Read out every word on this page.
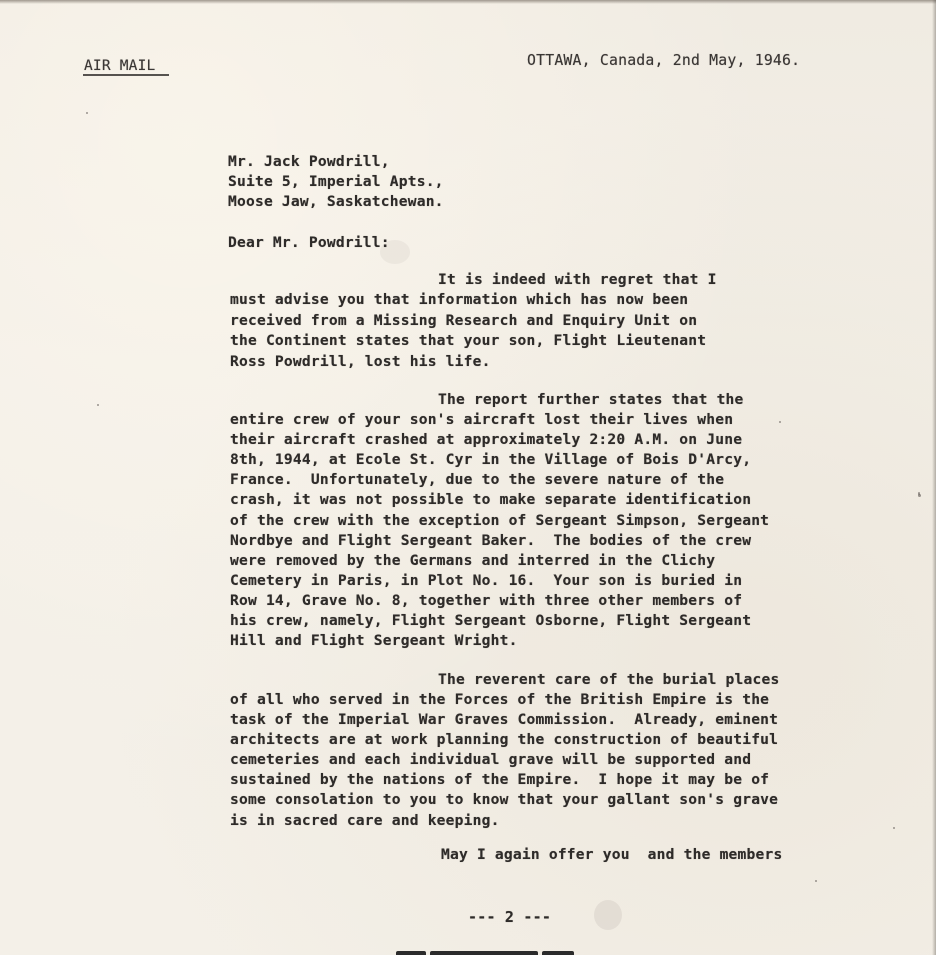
AIR MAIL	OTTAWA, Canada, 2nd May, 1946.
Mr. Jack Powdrill,
Suite 5, Imperial Apts.,
Moose Jaw, Saskatchewan.
Dear Mr. Powdrill:
It is indeed with regret that I
must advise you that information which has now been
received from a Missing Research and Enquiry Unit on
the Continent states that your son, Flight Lieutenant
Ross Powdrill, lost his life.
The report further states that the
entire crew of your son's aircraft lost their lives when
their aircraft crashed at approximately 2:20 A.M. on June
8th, 1944, at Ecole St. Cyr in the Village of Bois D'Arcy,
France.  Unfortunately, due to the severe nature of the
crash, it was not possible to make separate identification
of the crew with the exception of Sergeant Simpson, Sergeant
Nordbye and Flight Sergeant Baker.  The bodies of the crew
were removed by the Germans and interred in the Clichy
Cemetery in Paris, in Plot No. 16.  Your son is buried in
Row 14, Grave No. 8, together with three other members of
his crew, namely, Flight Sergeant Osborne, Flight Sergeant
Hill and Flight Sergeant Wright.
The reverent care of the burial places
of all who served in the Forces of the British Empire is the
task of the Imperial War Graves Commission.  Already, eminent
architects are at work planning the construction of beautiful
cemeteries and each individual grave will be supported and
sustained by the nations of the Empire.  I hope it may be of
some consolation to you to know that your gallant son's grave
is in sacred care and keeping.
May I again offer you  and the members
--- 2 ---
